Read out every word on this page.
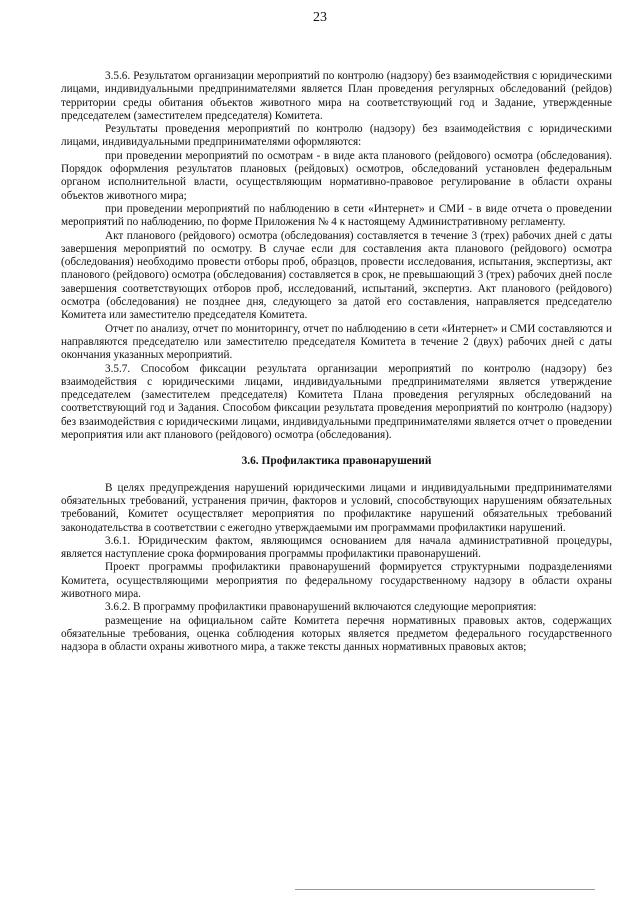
23

3.5.6. Результатом организации мероприятий по контролю (надзору) без взаимодействия с юридическими лицами, индивидуальными предпринимателями является План проведения регулярных обследований (рейдов) территории среды обитания объектов животного мира на соответствующий год и Задание, утвержденные председателем (заместителем председателя) Комитета.

Результаты проведения мероприятий по контролю (надзору) без взаимодействия с юридическими лицами, индивидуальными предпринимателями оформляются:

при проведении мероприятий по осмотрам - в виде акта планового (рейдового) осмотра (обследования). Порядок оформления результатов плановых (рейдовых) осмотров, обследований установлен федеральным органом исполнительной власти, осуществляющим нормативно-правовое регулирование в области охраны объектов животного мира;

при проведении мероприятий по наблюдению в сети «Интернет» и СМИ - в виде отчета о проведении мероприятий по наблюдению, по форме Приложения № 4 к настоящему Административному регламенту.

Акт планового (рейдового) осмотра (обследования) составляется в течение 3 (трех) рабочих дней с даты завершения мероприятий по осмотру. В случае если для составления акта планового (рейдового) осмотра (обследования) необходимо провести отборы проб, образцов, провести исследования, испытания, экспертизы, акт планового (рейдового) осмотра (обследования) составляется в срок, не превышающий 3 (трех) рабочих дней после завершения соответствующих отборов проб, исследований, испытаний, экспертиз. Акт планового (рейдового) осмотра (обследования) не позднее дня, следующего за датой его составления, направляется председателю Комитета или заместителю председателя Комитета.

Отчет по анализу, отчет по мониторингу, отчет по наблюдению в сети «Интернет» и СМИ составляются и направляются председателю или заместителю председателя Комитета в течение 2 (двух) рабочих дней с даты окончания указанных мероприятий.

3.5.7. Способом фиксации результата организации мероприятий по контролю (надзору) без взаимодействия с юридическими лицами, индивидуальными предпринимателями является утверждение председателем (заместителем председателя) Комитета Плана проведения регулярных обследований на соответствующий год и Задания. Способом фиксации результата проведения мероприятий по контролю (надзору) без взаимодействия с юридическими лицами, индивидуальными предпринимателями является отчет о проведении мероприятия или акт планового (рейдового) осмотра (обследования).

3.6. Профилактика правонарушений

В целях предупреждения нарушений юридическими лицами и индивидуальными предпринимателями обязательных требований, устранения причин, факторов и условий, способствующих нарушениям обязательных требований, Комитет осуществляет мероприятия по профилактике нарушений обязательных требований законодательства в соответствии с ежегодно утверждаемыми им программами профилактики нарушений.

3.6.1. Юридическим фактом, являющимся основанием для начала административной процедуры, является наступление срока формирования программы профилактики правонарушений.

Проект программы профилактики правонарушений формируется структурными подразделениями Комитета, осуществляющими мероприятия по федеральному государственному надзору в области охраны животного мира.

3.6.2. В программу профилактики правонарушений включаются следующие мероприятия:

размещение на официальном сайте Комитета перечня нормативных правовых актов, содержащих обязательные требования, оценка соблюдения которых является предметом федерального государственного надзора в области охраны животного мира, а также тексты данных нормативных правовых актов;
